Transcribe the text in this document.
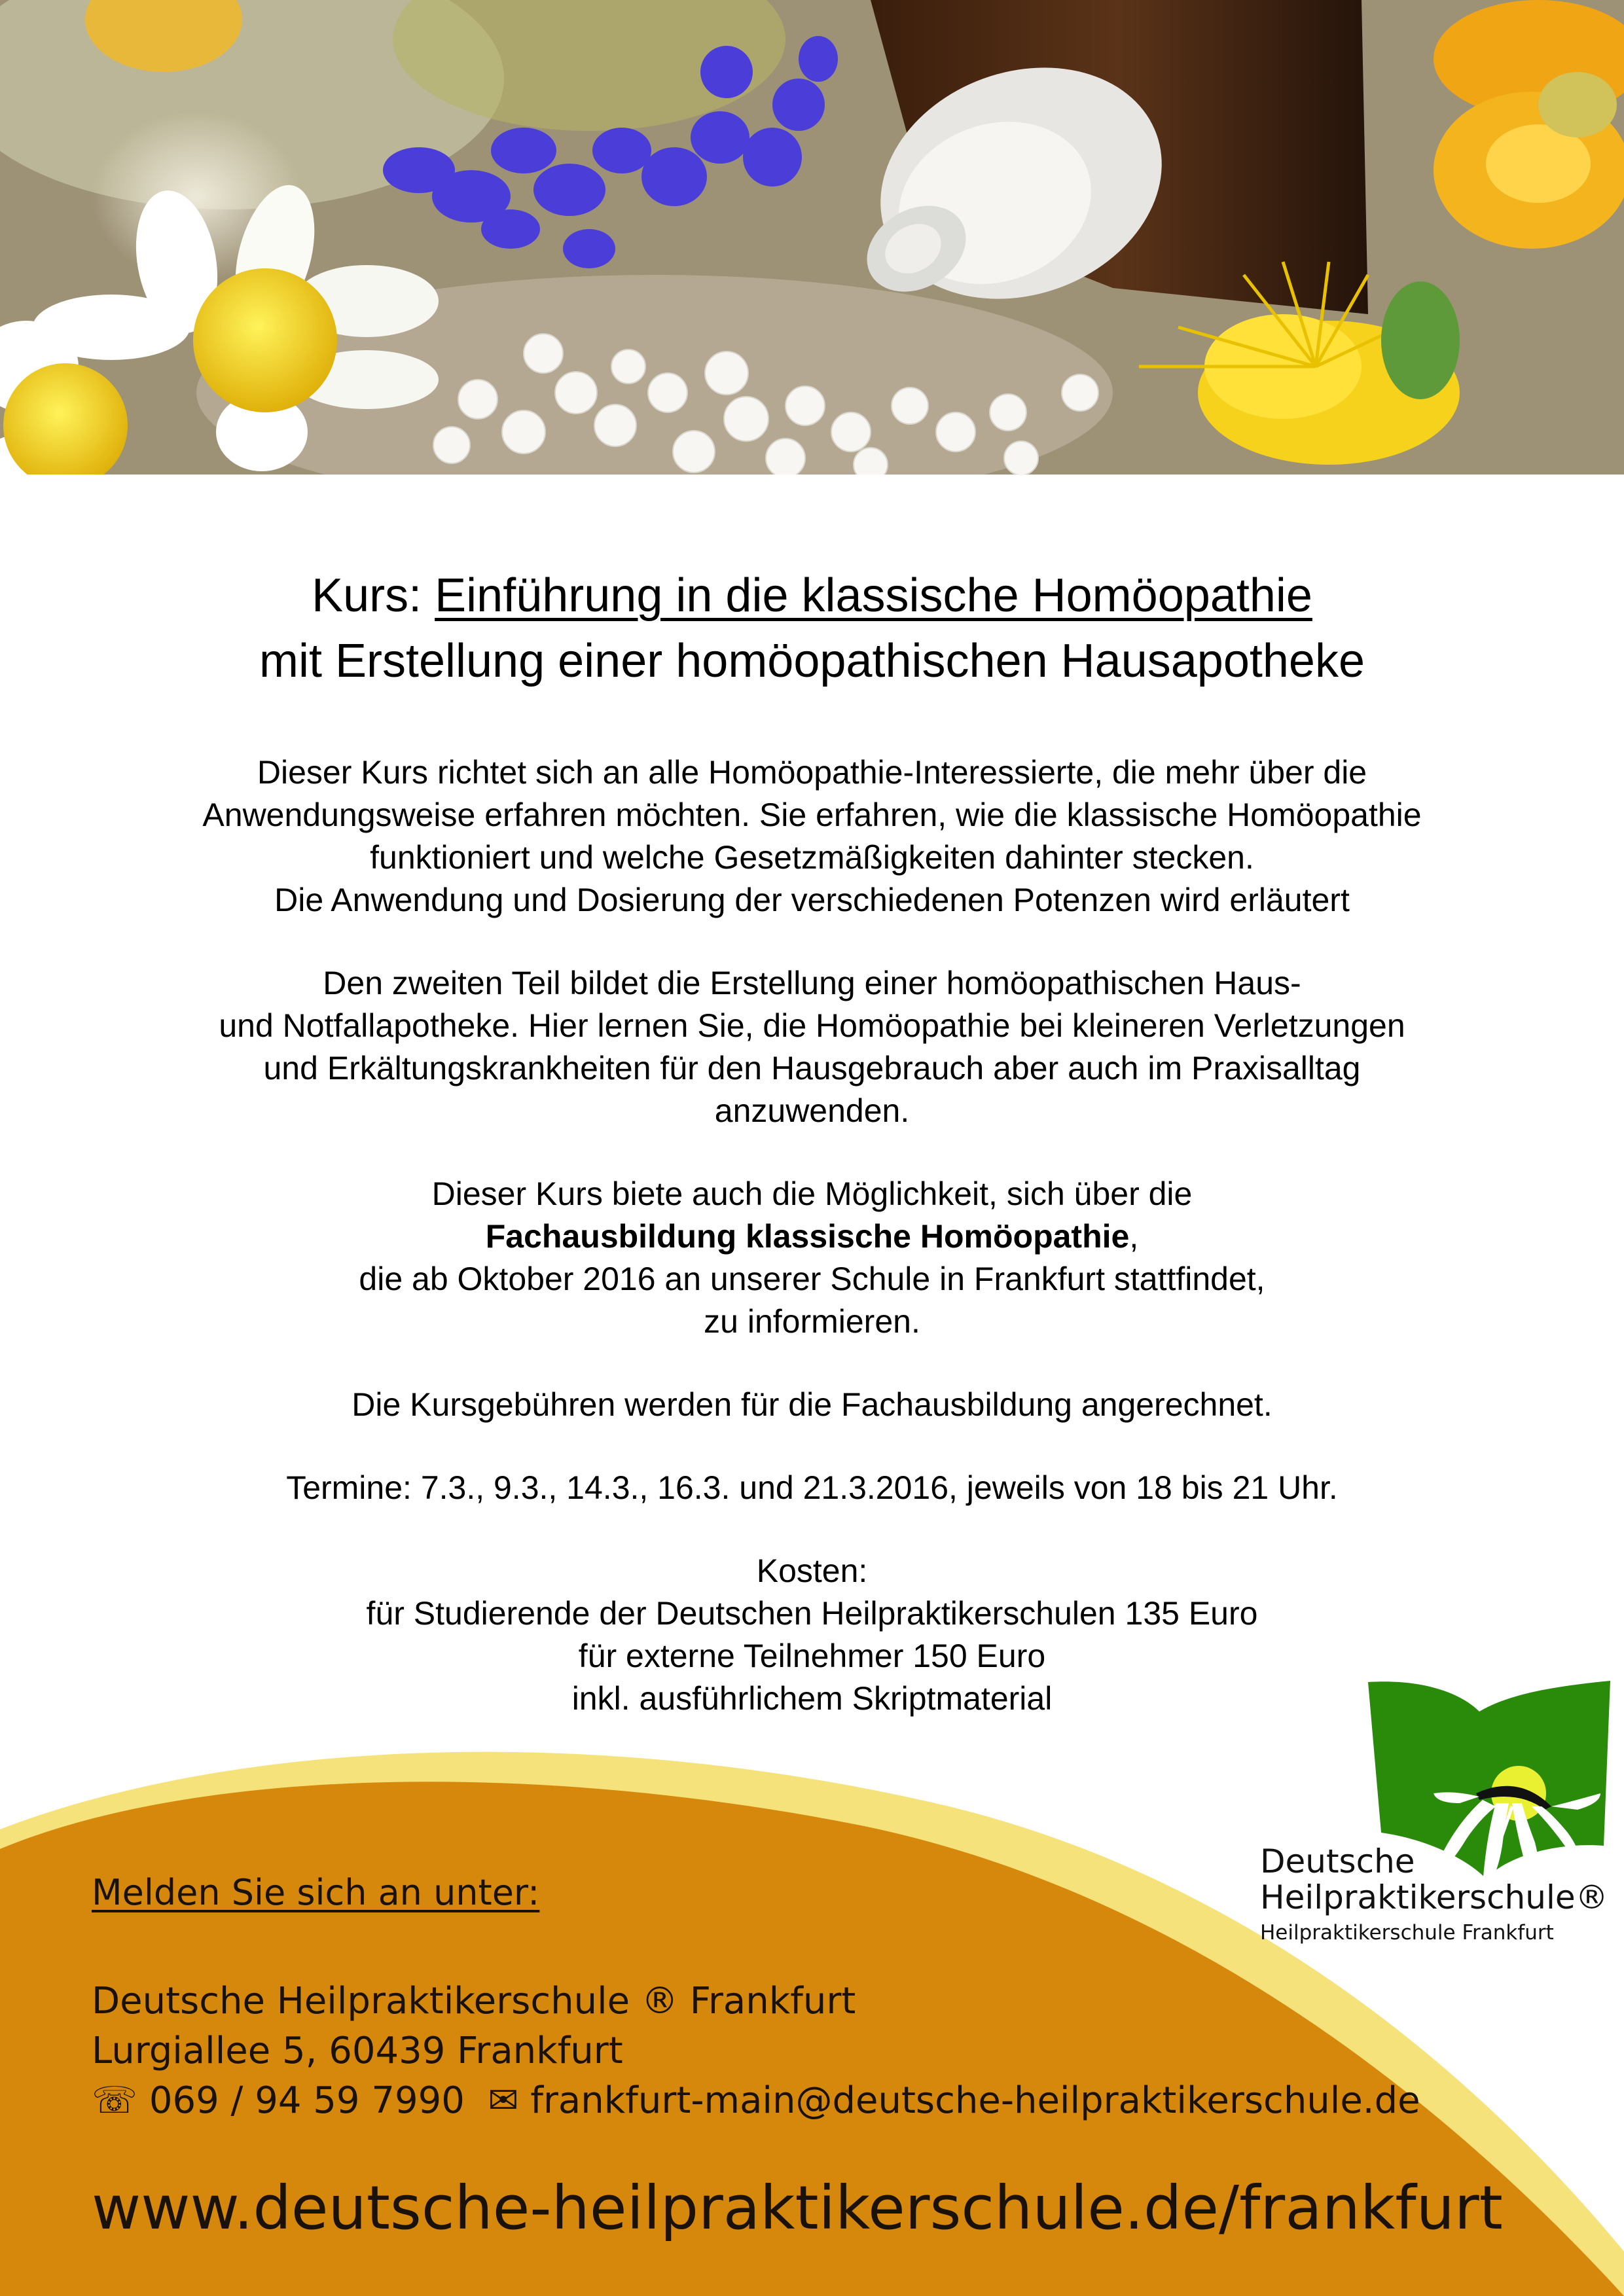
Kurs: Einführung in die klassische Homöopathie
mit Erstellung einer homöopathischen Hausapotheke

Dieser Kurs richtet sich an alle Homöopathie-Interessierte, die mehr über die

Anwendungsweise erfahren möchten. Sie erfahren, wie die klassische Homöopathie

funktioniert und welche Gesetzmäßigkeiten dahinter stecken.

Die Anwendung und Dosierung der verschiedenen Potenzen wird erläutert

Den zweiten Teil bildet die Erstellung einer homöopathischen Haus-

und Notfallapotheke. Hier lernen Sie, die Homöopathie bei kleineren Verletzungen

und Erkältungskrankheiten für den Hausgebrauch aber auch im Praxisalltag

anzuwenden.

Dieser Kurs biete auch die Möglichkeit, sich über die

Fachausbildung klassische Homöopathie,

die ab Oktober 2016 an unserer Schule in Frankfurt stattfindet,

zu informieren.

Die Kursgebühren werden für die Fachausbildung angerechnet.

Termine: 7.3., 9.3., 14.3., 16.3. und 21.3.2016, jeweils von 18 bis 21 Uhr.

Kosten:

für Studierende der Deutschen Heilpraktikerschulen 135 Euro

für externe Teilnehmer 150 Euro

inkl. ausführlichem Skriptmaterial

Melden Sie sich an unter:
Deutsche Heilpraktikerschule ® Frankfurt
Lurgiallee 5, 60439 Frankfurt
☏ 069 / 94 59 7990 ✉ frankfurt-main@deutsche-heilpraktikerschule.de
www.deutsche-heilpraktikerschule.de/frankfurt
Deutsche
Heilpraktikerschule®
Heilpraktikerschule Frankfurt
